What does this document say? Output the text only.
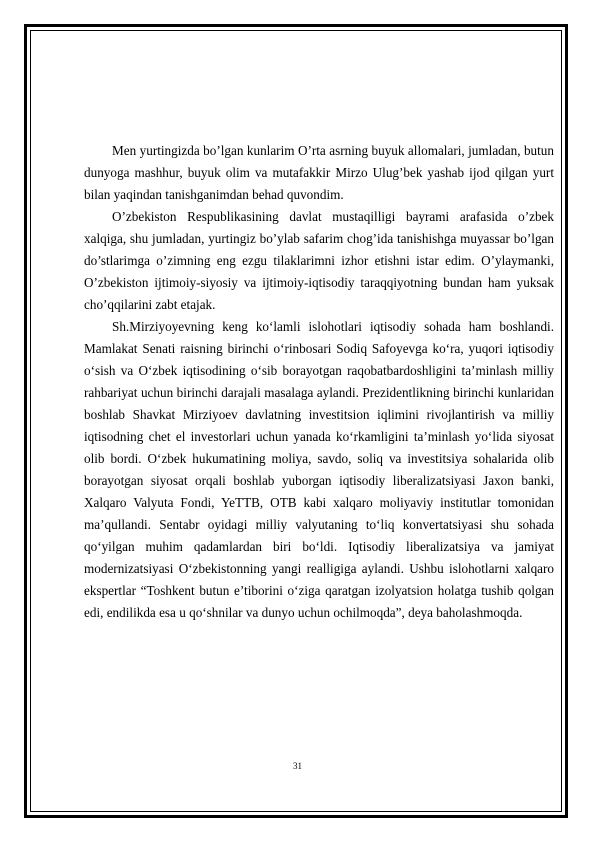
Men yurtingizda bo’lgan kunlarim O’rta asrning buyuk allomalari, jumladan, butun dunyoga mashhur, buyuk olim va mutafakkir Mirzo Ulug’bek yashab ijod qilgan yurt bilan yaqindan tanishganimdan behad quvondim.

O’zbekiston Respublikasining davlat mustaqilligi bayrami arafasida o’zbek xalqiga, shu jumladan, yurtingiz bo’ylab safarim chog’ida tanishishga muyassar bo’lgan do’stlarimga o’zimning eng ezgu tilaklarimni izhor etishni istar edim. O’ylaymanki, O’zbekiston ijtimoiy-siyosiy va ijtimoiy-iqtisodiy taraqqiyotning bundan ham yuksak cho’qqilarini zabt etajak.

Sh.Mirziyoyevning keng ko‘lamli islohotlari iqtisodiy sohada ham boshlandi. Mamlakat Senati raisning birinchi o‘rinbosari Sodiq Safoyevga ko‘ra, yuqori iqtisodiy o‘sish va O‘zbek iqtisodining o‘sib borayotgan raqobatbardoshligini ta’minlash milliy rahbariyat uchun birinchi darajali masalaga aylandi. Prezidentlikning birinchi kunlaridan boshlab Shavkat Mirziyoev davlatning investitsion iqlimini rivojlantirish va milliy iqtisodning chet el investorlari uchun yanada ko‘rkamligini ta’minlash yo‘lida siyosat olib bordi. O‘zbek hukumatining moliya, savdo, soliq va investitsiya sohalarida olib borayotgan siyosat orqali boshlab yuborgan iqtisodiy liberalizatsiyasi Jaxon banki, Xalqaro Valyuta Fondi, YeTTB, OTB kabi xalqaro moliyaviy institutlar tomonidan ma’qullandi. Sentabr oyidagi milliy valyutaning to‘liq konvertatsiyasi shu sohada qo‘yilgan muhim qadamlardan biri bo‘ldi. Iqtisodiy liberalizatsiya va jamiyat modernizatsiyasi O‘zbekistonning yangi realligiga aylandi. Ushbu islohotlarni xalqaro ekspertlar “Toshkent butun e’tiborini o‘ziga qaratgan izolyatsion holatga tushib qolgan edi, endilikda esa u qo‘shnilar va dunyo uchun ochilmoqda”, deya baholashmoqda.

31
